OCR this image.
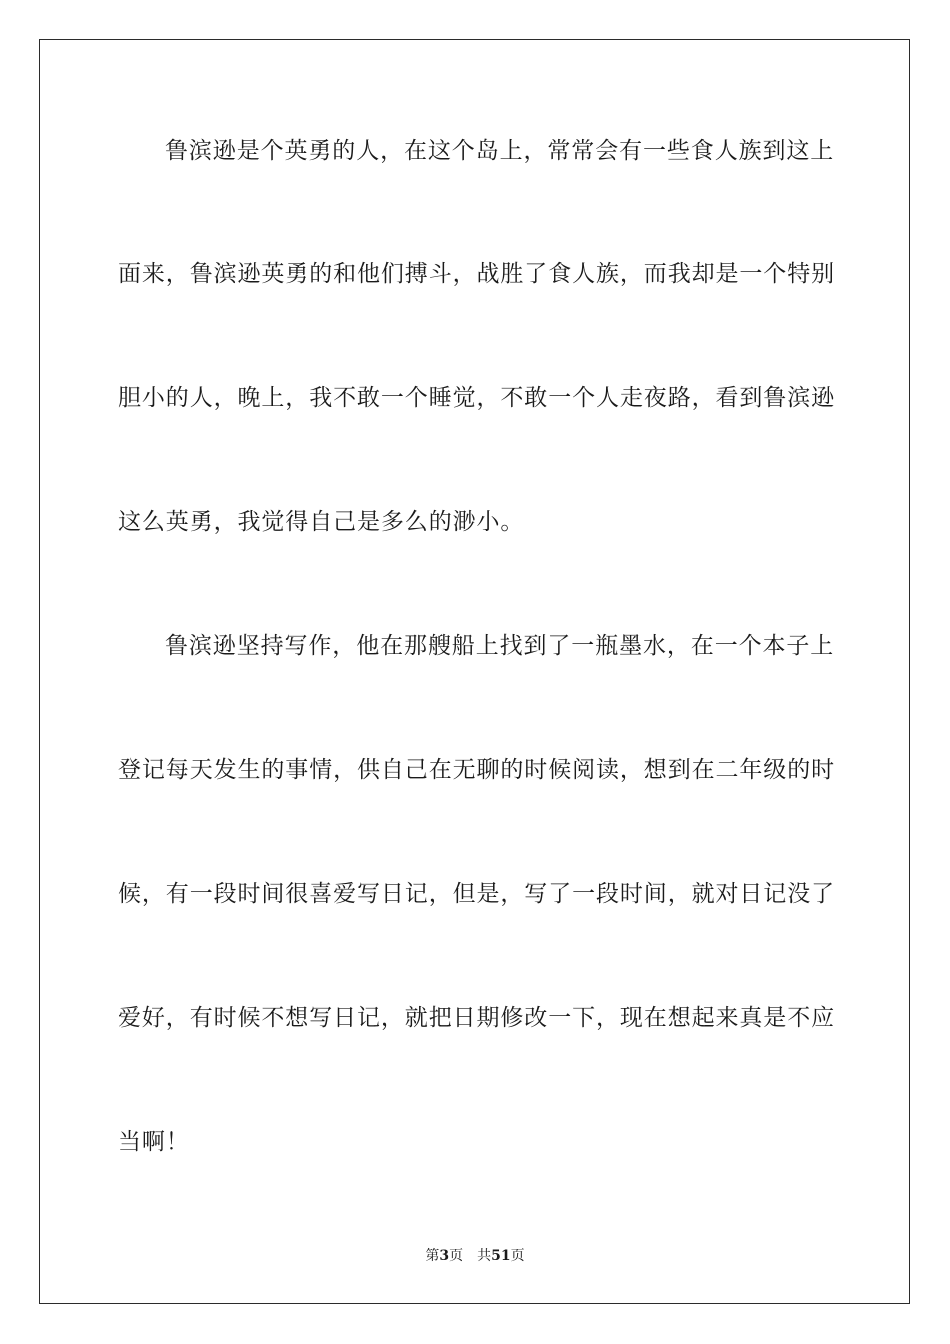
鲁滨逊是个英勇的人，在这个岛上，常常会有一些食人族到这上
面来，鲁滨逊英勇的和他们搏斗，战胜了食人族，而我却是一个特别
胆小的人，晚上，我不敢一个睡觉，不敢一个人走夜路，看到鲁滨逊
这么英勇，我觉得自己是多么的渺小。
鲁滨逊坚持写作，他在那艘船上找到了一瓶墨水，在一个本子上
登记每天发生的事情，供自己在无聊的时候阅读，想到在二年级的时
候，有一段时间很喜爱写日记，但是，写了一段时间，就对日记没了
爱好，有时候不想写日记，就把日期修改一下，现在想起来真是不应
当啊！
第3页 共51页
